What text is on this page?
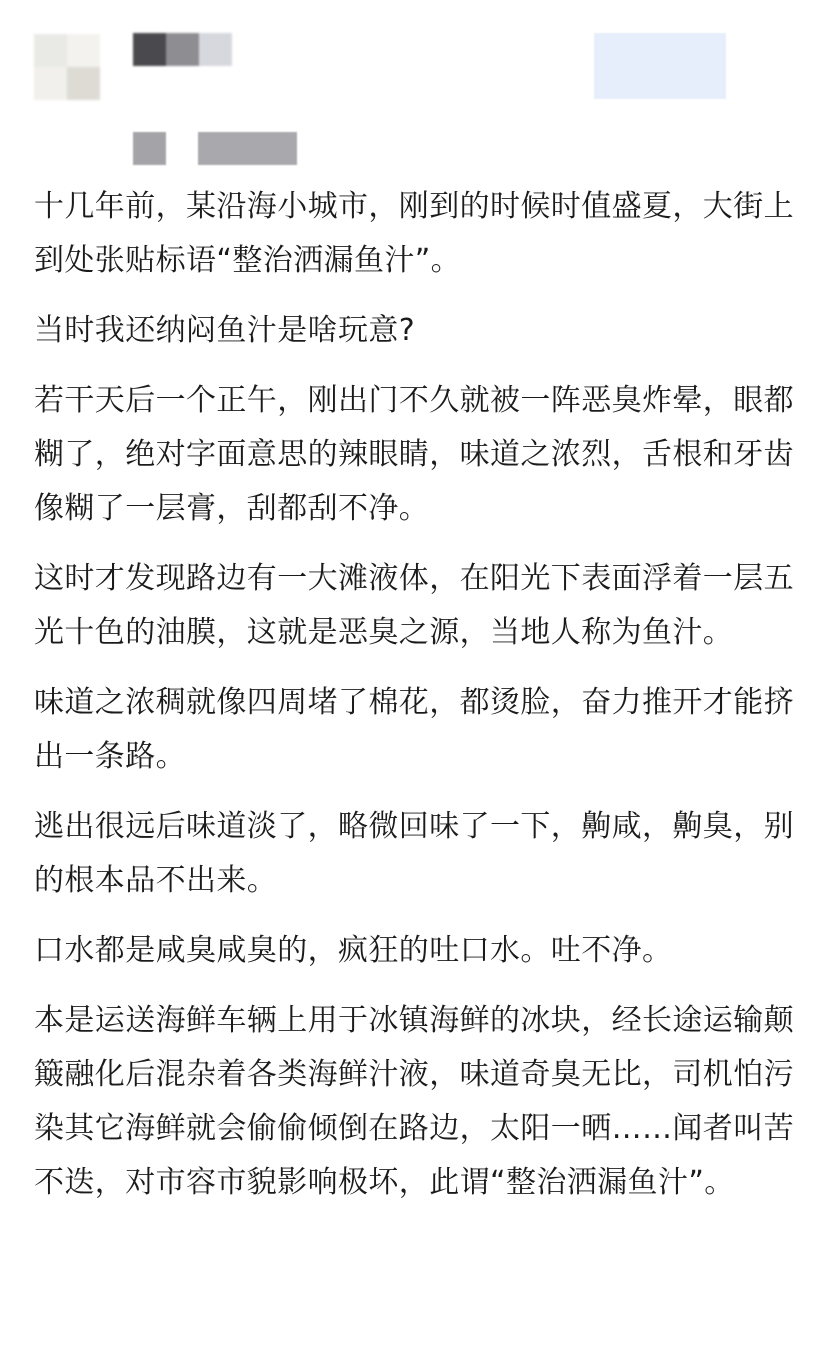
十几年前，某沿海小城市，刚到的时候时值盛夏，大街上到处张贴标语“整治洒漏鱼汁”。

当时我还纳闷鱼汁是啥玩意?

若干天后一个正午，刚出门不久就被一阵恶臭炸晕，眼都糊了，绝对字面意思的辣眼睛，味道之浓烈，舌根和牙齿像糊了一层膏，刮都刮不净。

这时才发现路边有一大滩液体，在阳光下表面浮着一层五光十色的油膜，这就是恶臭之源，当地人称为鱼汁。

味道之浓稠就像四周堵了棉花，都烫脸，奋力推开才能挤出一条路。

逃出很远后味道淡了，略微回味了一下，齁咸，齁臭，别的根本品不出来。

口水都是咸臭咸臭的，疯狂的吐口水。吐不净。

本是运送海鲜车辆上用于冰镇海鲜的冰块，经长途运输颠簸融化后混杂着各类海鲜汁液，味道奇臭无比，司机怕污染其它海鲜就会偷偷倾倒在路边，太阳一晒……闻者叫苦不迭，对市容市貌影响极坏，此谓“整治洒漏鱼汁”。
